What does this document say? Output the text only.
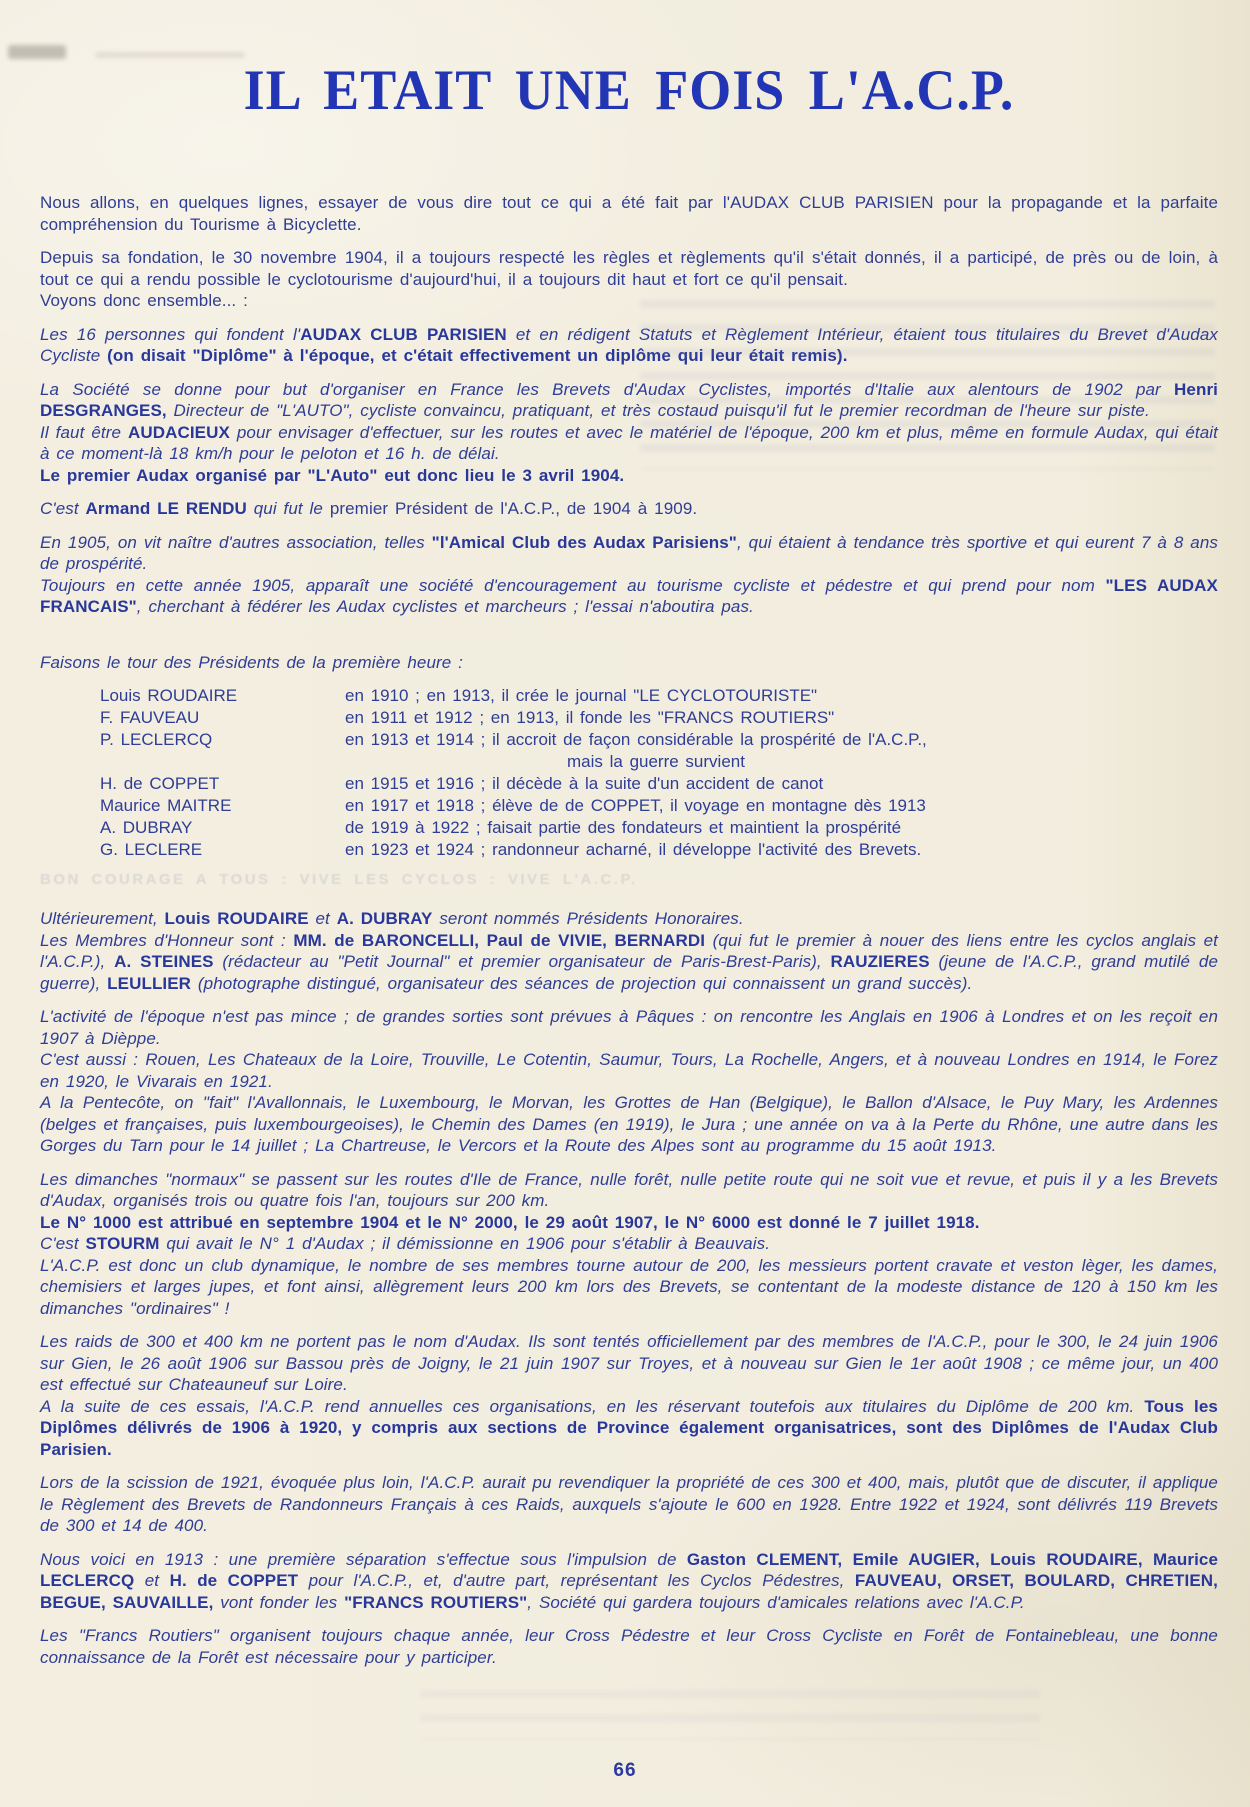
IL ETAIT UNE FOIS L'A.C.P.

Nous allons, en quelques lignes, essayer de vous dire tout ce qui a été fait par l'AUDAX CLUB PARISIEN pour la propagande et la parfaite compréhension du Tourisme à Bicyclette.

Depuis sa fondation, le 30 novembre 1904, il a toujours respecté les règles et règlements qu'il s'était donnés, il a participé, de près ou de loin, à tout ce qui a rendu possible le cyclotourisme d'aujourd'hui, il a toujours dit haut et fort ce qu'il pensait.
Voyons donc ensemble... :

Les 16 personnes qui fondent l'AUDAX CLUB PARISIEN et en rédigent Statuts et Règlement Intérieur, étaient tous titulaires du Brevet d'Audax Cycliste (on disait "Diplôme" à l'époque, et c'était effectivement un diplôme qui leur était remis).

La Société se donne pour but d'organiser en France les Brevets d'Audax Cyclistes, importés d'Italie aux alentours de 1902 par Henri DESGRANGES, Directeur de "L'AUTO", cycliste convaincu, pratiquant, et très costaud puisqu'il fut le premier recordman de l'heure sur piste.
Il faut être AUDACIEUX pour envisager d'effectuer, sur les routes et avec le matériel de l'époque, 200 km et plus, même en formule Audax, qui était à ce moment-là 18 km/h pour le peloton et 16 h. de délai.
Le premier Audax organisé par "L'Auto" eut donc lieu le 3 avril 1904.

C'est Armand LE RENDU qui fut le premier Président de l'A.C.P., de 1904 à 1909.

En 1905, on vit naître d'autres association, telles "l'Amical Club des Audax Parisiens", qui étaient à tendance très sportive et qui eurent 7 à 8 ans de prospérité.
Toujours en cette année 1905, apparaît une société d'encouragement au tourisme cycliste et pédestre et qui prend pour nom "LES AUDAX FRANCAIS", cherchant à fédérer les Audax cyclistes et marcheurs ; l'essai n'aboutira pas.

Faisons le tour des Présidents de la première heure :

Louis ROUDAIRE	en 1910 ; en 1913, il crée le journal "LE CYCLOTOURISTE"
F. FAUVEAU	en 1911 et 1912 ; en 1913, il fonde les "FRANCS ROUTIERS"
P. LECLERCQ	en 1913 et 1914 ; il accroit de façon considérable la prospérité de l'A.C.P.,
mais la guerre survient
H. de COPPET	en 1915 et 1916 ; il décède à la suite d'un accident de canot
Maurice MAITRE	en 1917 et 1918 ; élève de de COPPET, il voyage en montagne dès 1913
A. DUBRAY	de 1919 à 1922 ; faisait partie des fondateurs et maintient la prospérité
G. LECLERE	en 1923 et 1924 ; randonneur acharné, il développe l'activité des Brevets.
BON COURAGE A TOUS : VIVE LES CYCLOS : VIVE L'A.C.P.

Ultérieurement, Louis ROUDAIRE et A. DUBRAY seront nommés Présidents Honoraires.
Les Membres d'Honneur sont : MM. de BARONCELLI, Paul de VIVIE, BERNARDI (qui fut le premier à nouer des liens entre les cyclos anglais et l'A.C.P.), A. STEINES (rédacteur au "Petit Journal" et premier organisateur de Paris-Brest-Paris), RAUZIERES (jeune de l'A.C.P., grand mutilé de guerre), LEULLIER (photographe distingué, organisateur des séances de projection qui connaissent un grand succès).

L'activité de l'époque n'est pas mince ; de grandes sorties sont prévues à Pâques : on rencontre les Anglais en 1906 à Londres et on les reçoit en 1907 à Dièppe.
C'est aussi : Rouen, Les Chateaux de la Loire, Trouville, Le Cotentin, Saumur, Tours, La Rochelle, Angers, et à nouveau Londres en 1914, le Forez en 1920, le Vivarais en 1921.
A la Pentecôte, on "fait" l'Avallonnais, le Luxembourg, le Morvan, les Grottes de Han (Belgique), le Ballon d'Alsace, le Puy Mary, les Ardennes (belges et françaises, puis luxembourgeoises), le Chemin des Dames (en 1919), le Jura ; une année on va à la Perte du Rhône, une autre dans les Gorges du Tarn pour le 14 juillet ; La Chartreuse, le Vercors et la Route des Alpes sont au programme du 15 août 1913.

Les dimanches "normaux" se passent sur les routes d'Ile de France, nulle forêt, nulle petite route qui ne soit vue et revue, et puis il y a les Brevets d'Audax, organisés trois ou quatre fois l'an, toujours sur 200 km.
Le N° 1000 est attribué en septembre 1904 et le N° 2000, le 29 août 1907, le N° 6000 est donné le 7 juillet 1918.
C'est STOURM qui avait le N° 1 d'Audax ; il démissionne en 1906 pour s'établir à Beauvais.
L'A.C.P. est donc un club dynamique, le nombre de ses membres tourne autour de 200, les messieurs portent cravate et veston lèger, les dames, chemisiers et larges jupes, et font ainsi, allègrement leurs 200 km lors des Brevets, se contentant de la modeste distance de 120 à 150 km les dimanches "ordinaires" !

Les raids de 300 et 400 km ne portent pas le nom d'Audax. Ils sont tentés officiellement par des membres de l'A.C.P., pour le 300, le 24 juin 1906 sur Gien, le 26 août 1906 sur Bassou près de Joigny, le 21 juin 1907 sur Troyes, et à nouveau sur Gien le 1er août 1908 ; ce même jour, un 400 est effectué sur Chateauneuf sur Loire.
A la suite de ces essais, l'A.C.P. rend annuelles ces organisations, en les réservant toutefois aux titulaires du Diplôme de 200 km. Tous les Diplômes délivrés de 1906 à 1920, y compris aux sections de Province également organisatrices, sont des Diplômes de l'Audax Club Parisien.

Lors de la scission de 1921, évoquée plus loin, l'A.C.P. aurait pu revendiquer la propriété de ces 300 et 400, mais, plutôt que de discuter, il applique le Règlement des Brevets de Randonneurs Français à ces Raids, auxquels s'ajoute le 600 en 1928. Entre 1922 et 1924, sont délivrés 119 Brevets de 300 et 14 de 400.

Nous voici en 1913 : une première séparation s'effectue sous l'impulsion de Gaston CLEMENT, Emile AUGIER, Louis ROUDAIRE, Maurice LECLERCQ et H. de COPPET pour l'A.C.P., et, d'autre part, représentant les Cyclos Pédestres, FAUVEAU, ORSET, BOULARD, CHRETIEN, BEGUE, SAUVAILLE, vont fonder les "FRANCS ROUTIERS", Société qui gardera toujours d'amicales relations avec l'A.C.P.

Les "Francs Routiers" organisent toujours chaque année, leur Cross Pédestre et leur Cross Cycliste en Forêt de Fontainebleau, une bonne connaissance de la Forêt est nécessaire pour y participer.

66
